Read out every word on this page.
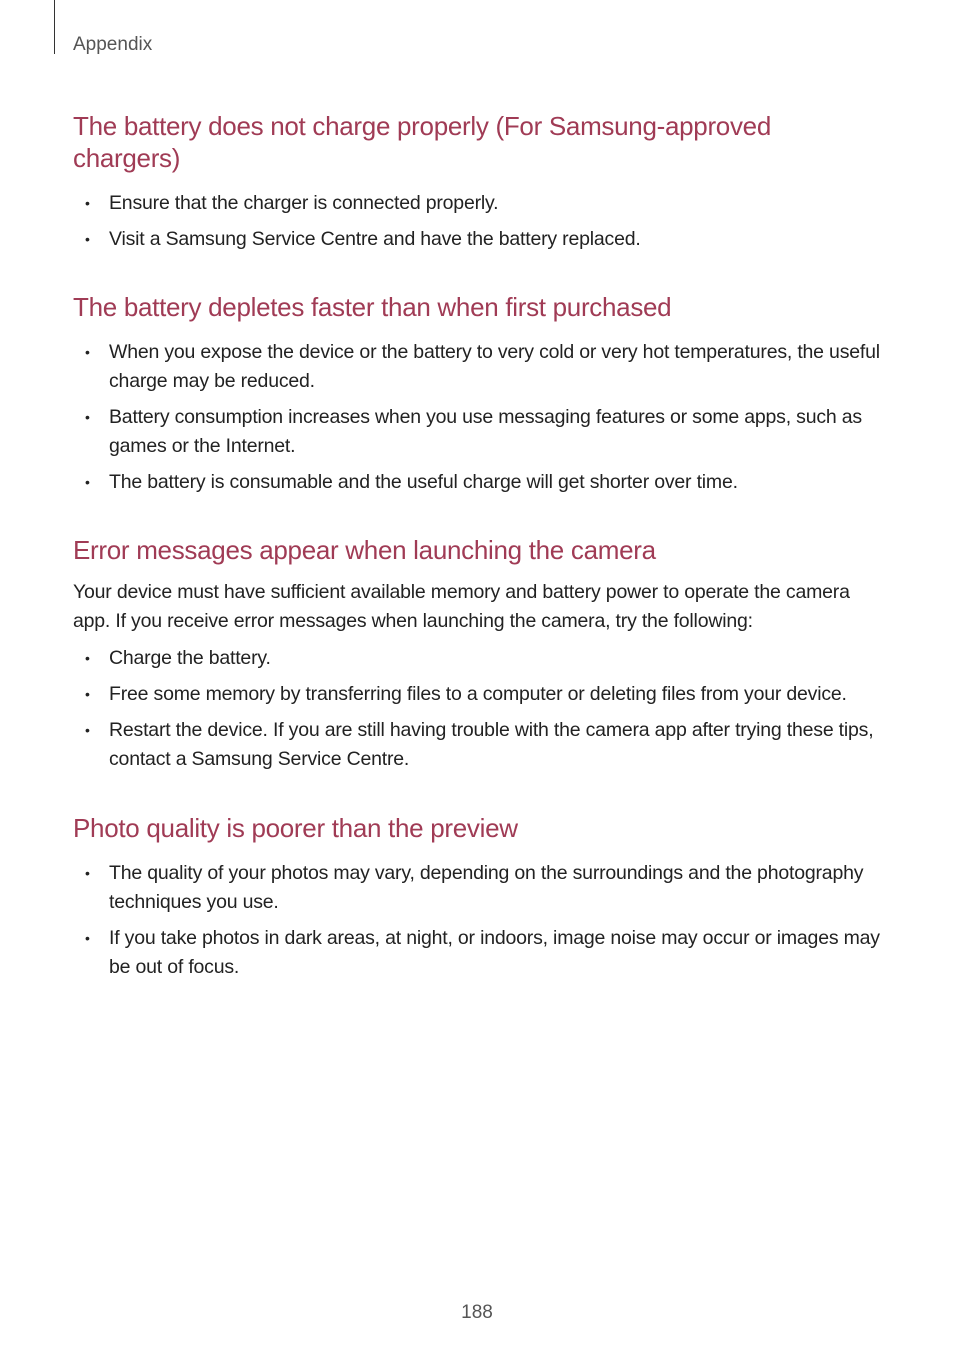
Appendix
The battery does not charge properly (For Samsung-approved chargers)
• Ensure that the charger is connected properly.
• Visit a Samsung Service Centre and have the battery replaced.
The battery depletes faster than when first purchased
• When you expose the device or the battery to very cold or very hot temperatures, the useful charge may be reduced.
• Battery consumption increases when you use messaging features or some apps, such as games or the Internet.
• The battery is consumable and the useful charge will get shorter over time.
Error messages appear when launching the camera

Your device must have sufficient available memory and battery power to operate the camera app. If you receive error messages when launching the camera, try the following:

• Charge the battery.
• Free some memory by transferring files to a computer or deleting files from your device.
• Restart the device. If you are still having trouble with the camera app after trying these tips, contact a Samsung Service Centre.
Photo quality is poorer than the preview
• The quality of your photos may vary, depending on the surroundings and the photography techniques you use.
• If you take photos in dark areas, at night, or indoors, image noise may occur or images may be out of focus.
188
